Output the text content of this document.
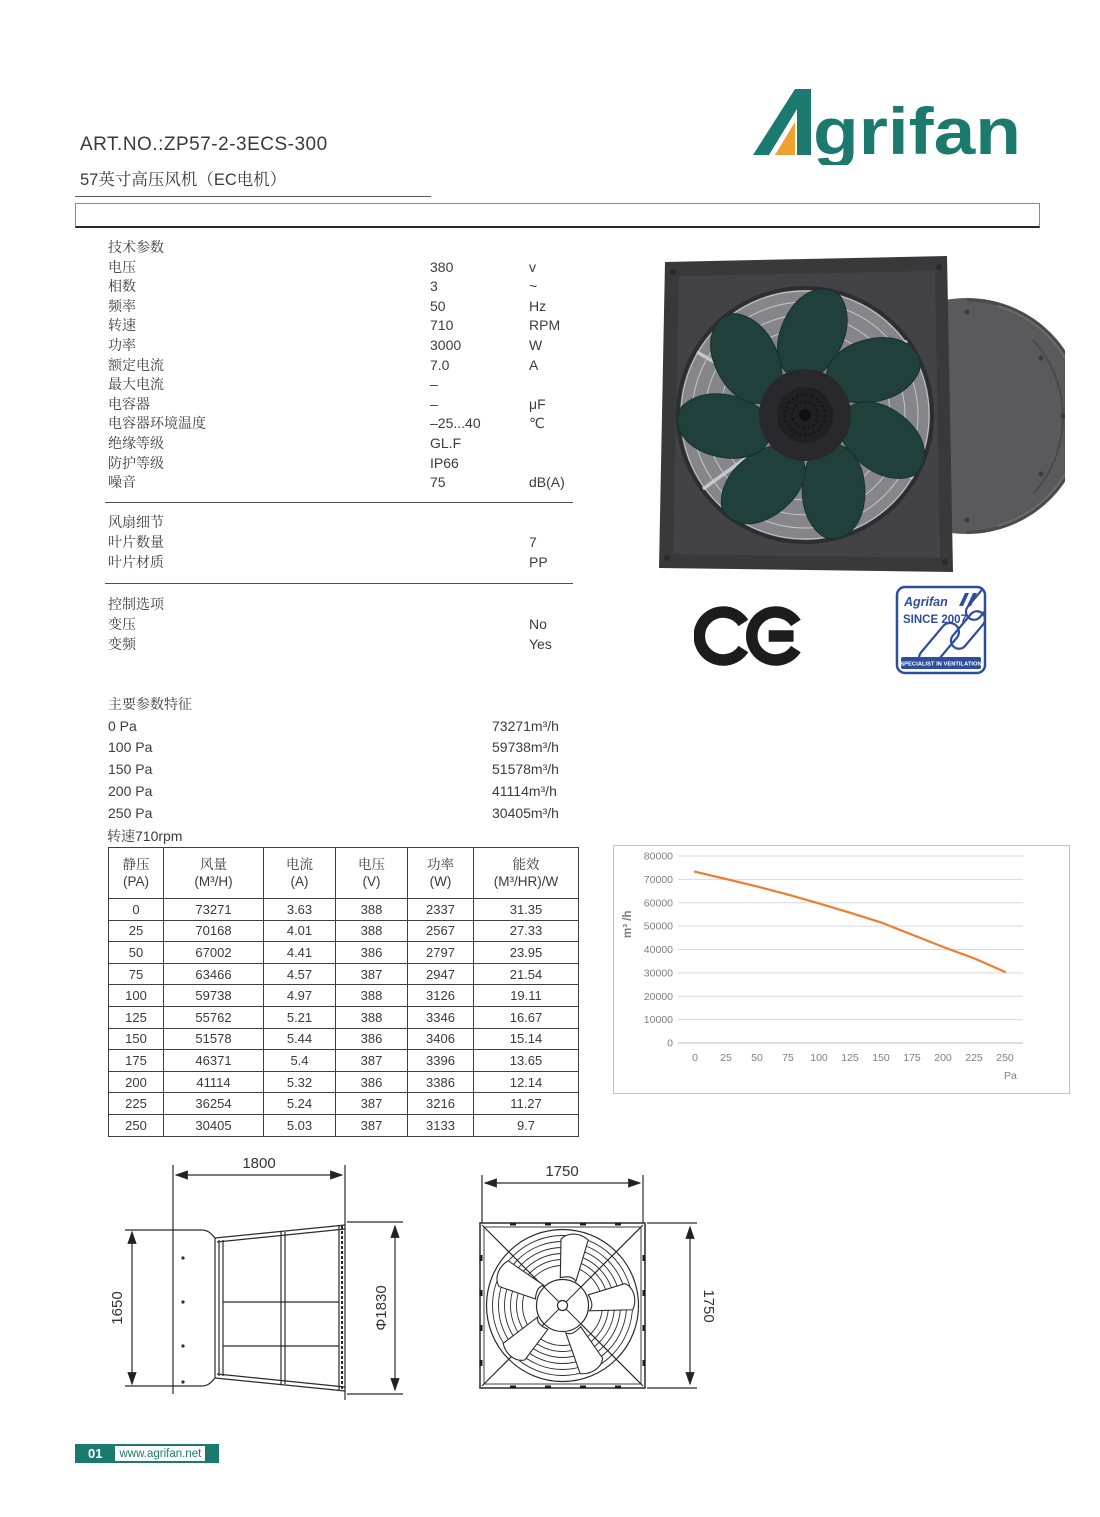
ART.NO.:ZP57-2-3ECS-300
57英寸高压风机（EC电机）
grifan
技术参数
电压	380	v
相数	3	~
频率	50	Hz
转速	710	RPM
功率	3000	W
额定电流	7.0	A
最大电流	–
电容器	–	μF
电容器环境温度	–25...40	℃
绝缘等级	GL.F
防护等级	IP66
噪音	75	dB(A)
风扇细节
叶片数量	7
叶片材质	PP
控制选项
变压	No
变频	Yes
主要参数特征
0 Pa	73271m³/h
100 Pa	59738m³/h
150 Pa	51578m³/h
200 Pa	41114m³/h
250 Pa	30405m³/h
转速710rpm
静压
(PA)

风量
(M³/H)

电流
(A)

电压
(V)

功率
(W)

能效
(M³/HR)/W

0	73271	3.63	388	2337	31.35
25	70168	4.01	388	2567	27.33
50	67002	4.41	386	2797	23.95
75	63466	4.57	387	2947	21.54
100	59738	4.97	388	3126	19.11
125	55762	5.21	388	3346	16.67
150	51578	5.44	386	3406	15.14
175	46371	5.4	387	3396	13.65
200	41114	5.32	386	3386	12.14
225	36254	5.24	387	3216	11.27
250	30405	5.03	387	3133	9.7
0
10000
20000
30000
40000
50000
60000
70000
80000
0 25 50 75 100 125 150 175 200 225 250
Pa
m³ /h
Agrifan
SINCE 2007
SPECIALIST IN VENTILATION
1800
1650	Φ1830
1750
1750
01 www.agrifan.net
